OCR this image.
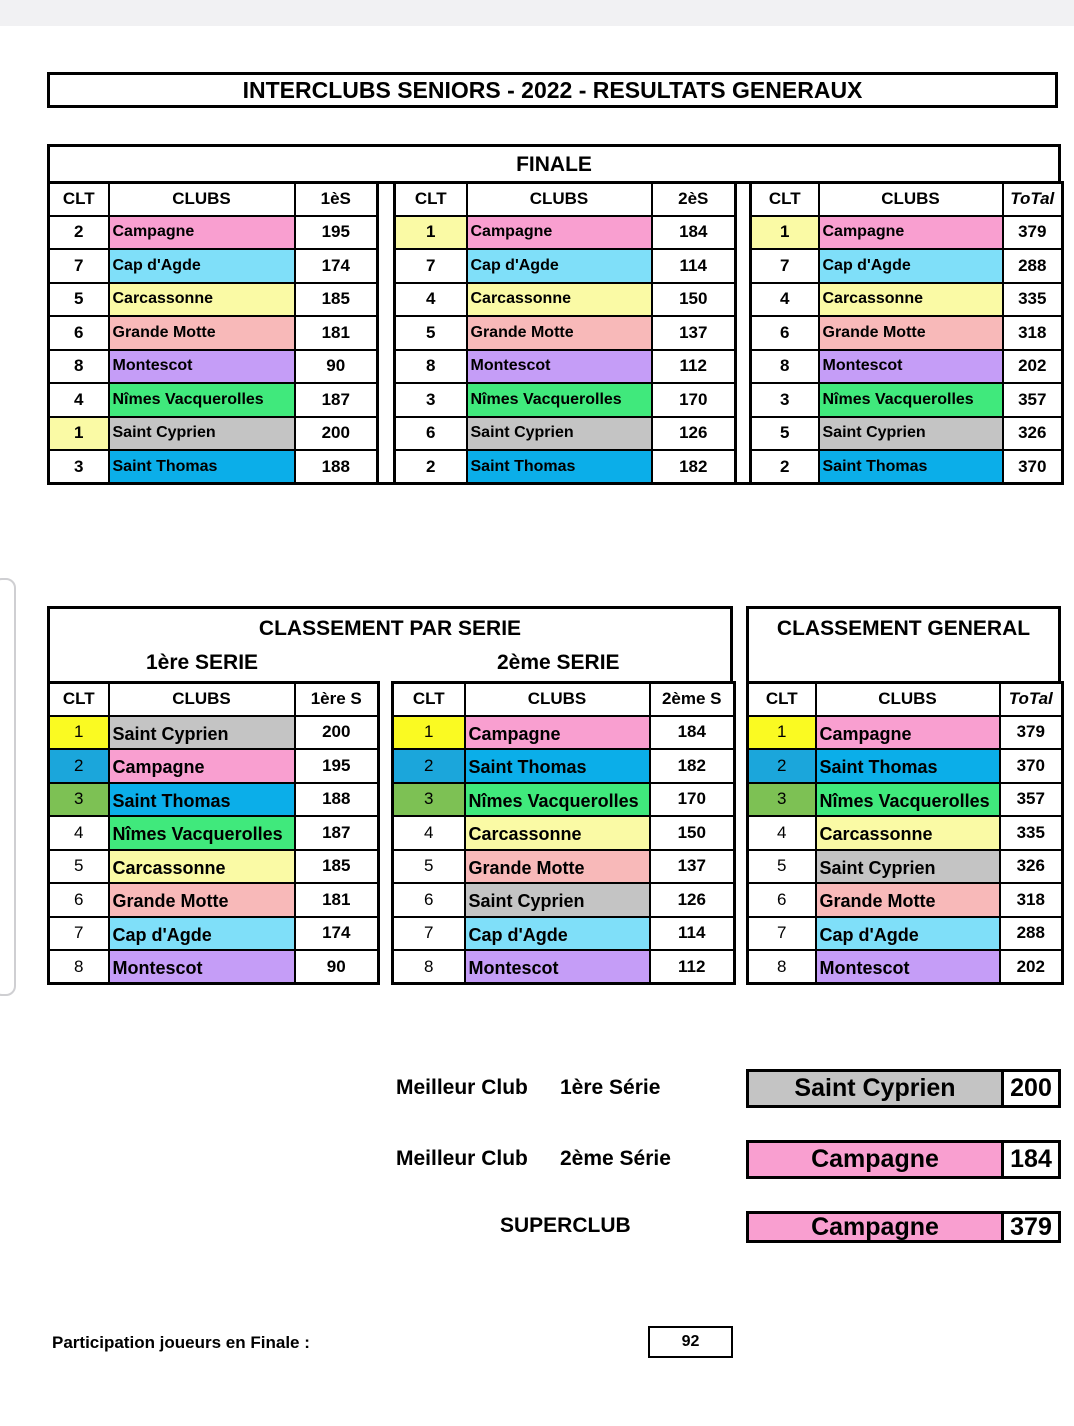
INTERCLUBS SENIORS - 2022 - RESULTATS GENERAUX
FINALE
CLT	CLUBS	1èS		CLT	CLUBS	2èS		CLT	CLUBS	ToTal
2	Campagne	195		1	Campagne	184		1	Campagne	379
7	Cap d'Agde	174		7	Cap d'Agde	114		7	Cap d'Agde	288
5	Carcassonne	185		4	Carcassonne	150		4	Carcassonne	335
6	Grande Motte	181		5	Grande Motte	137		6	Grande Motte	318
8	Montescot	90		8	Montescot	112		8	Montescot	202
4	Nîmes Vacquerolles	187		3	Nîmes Vacquerolles	170		3	Nîmes Vacquerolles	357
1	Saint Cyprien	200		6	Saint Cyprien	126		5	Saint Cyprien	326
3	Saint Thomas	188		2	Saint Thomas	182		2	Saint Thomas	370
CLASSEMENT PAR SERIE
1ère SERIE	2ème SERIE
CLT	CLUBS	1ère S
1	Saint Cyprien	200
2	Campagne	195
3	Saint Thomas	188
4	Nîmes Vacquerolles	187
5	Carcassonne	185
6	Grande Motte	181
7	Cap d'Agde	174
8	Montescot	90
CLT	CLUBS	2ème S
1	Campagne	184
2	Saint Thomas	182
3	Nîmes Vacquerolles	170
4	Carcassonne	150
5	Grande Motte	137
6	Saint Cyprien	126
7	Cap d'Agde	114
8	Montescot	112
CLASSEMENT GENERAL
CLT	CLUBS	ToTal
1	Campagne	379
2	Saint Thomas	370
3	Nîmes Vacquerolles	357
4	Carcassonne	335
5	Saint Cyprien	326
6	Grande Motte	318
7	Cap d'Agde	288
8	Montescot	202
Meilleur Club 1ère Série	Saint Cyprien	200
Meilleur Club 2ème Série	Campagne	184
SUPERCLUB	Campagne	379
Participation joueurs en Finale :	92
